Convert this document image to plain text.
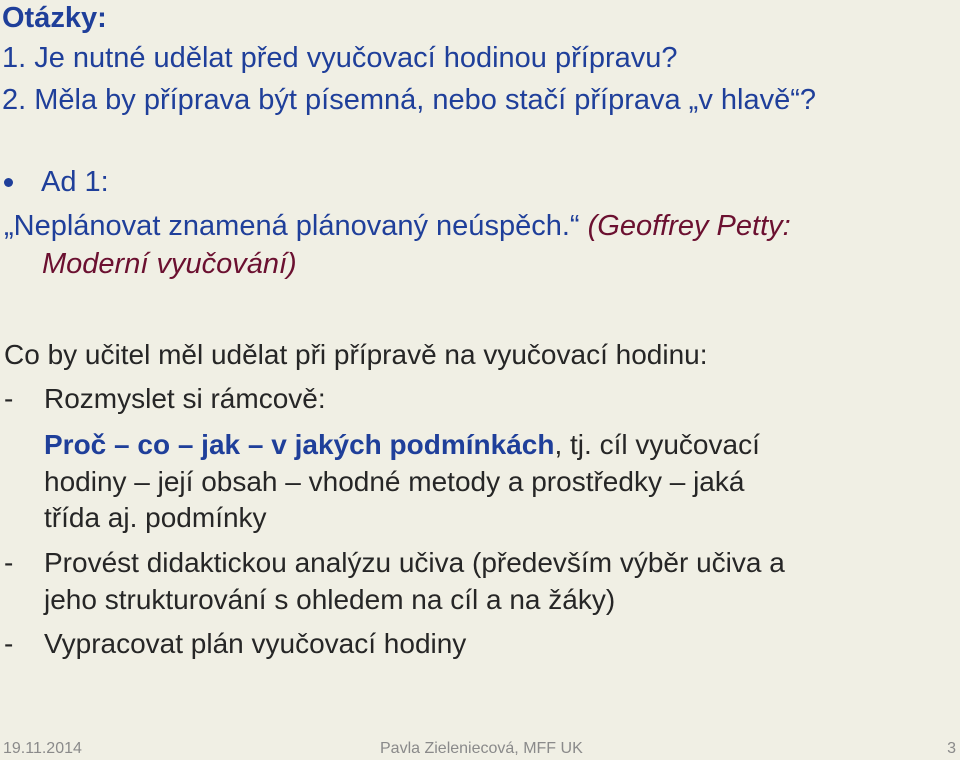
Otázky:
1. Je nutné udělat před vyučovací hodinou přípravu?
2. Měla by příprava být písemná, nebo stačí příprava „v hlavě“?
Ad 1:
„Neplánovat znamená plánovaný neúspěch.“ (Geoffrey Petty:
Moderní vyučování)
Co by učitel měl udělat při přípravě na vyučovací hodinu:
- Rozmyslet si rámcově:
Proč – co – jak – v jakých podmínkách, tj. cíl vyučovací
hodiny – její obsah – vhodné metody a prostředky – jaká
třída aj. podmínky
- Provést didaktickou analýzu učiva (především výběr učiva a
jeho strukturování s ohledem na cíl a na žáky)
- Vypracovat plán vyučovací hodiny
19.11.2014	Pavla Zieleniecová, MFF UK	3
